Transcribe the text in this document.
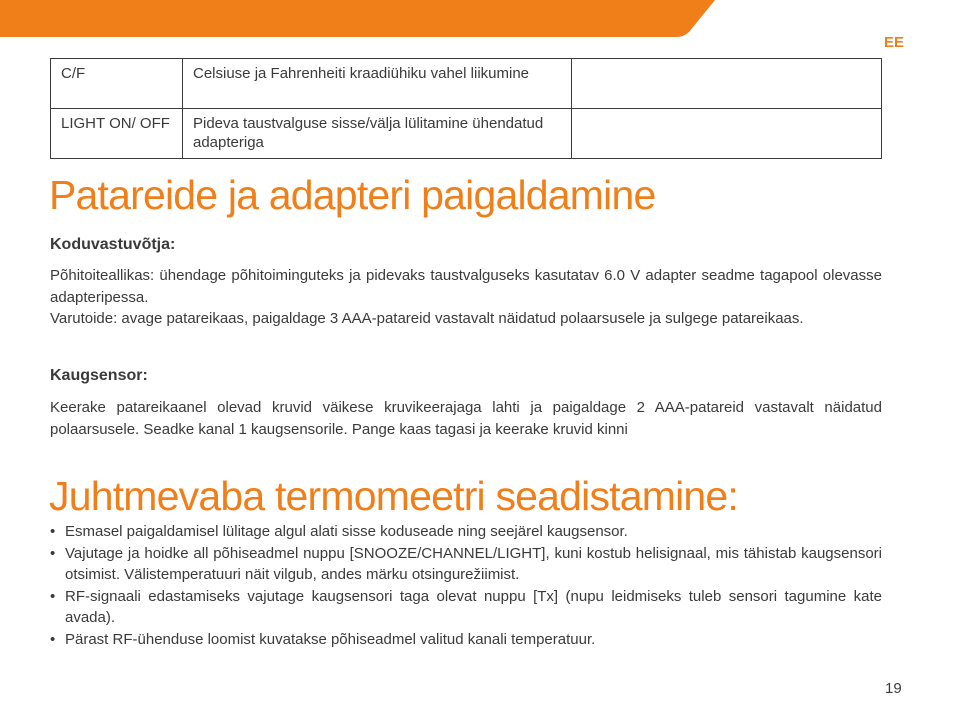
EE
C/F	Celsiuse ja Fahrenheiti kraadiühiku vahel liikumine	
LIGHT ON/ OFF	Pideva taustvalguse sisse/välja lülitamine ühendatud adapteriga	
Patareide ja adapteri paigaldamine
Koduvastuvõtja:

Põhitoiteallikas: ühendage põhitoiminguteks ja pidevaks taustvalguseks kasutatav 6.0 V adapter seadme tagapool olevasse adapteripessa.

Varutoide: avage patareikaas, paigaldage 3 AAA-patareid vastavalt näidatud polaarsusele ja sulgege patareikaas.

Kaugsensor:

Keerake patareikaanel olevad kruvid väikese kruvikeerajaga lahti ja paigaldage 2 AAA-patareid vastavalt näidatud polaarsusele. Seadke kanal 1 kaugsensorile. Pange kaas tagasi ja keerake kruvid kinni

Juhtmevaba termomeetri seadistamine:
• Esmasel paigaldamisel lülitage algul alati sisse koduseade ning seejärel kaugsensor.
• Vajutage ja hoidke all põhiseadmel nuppu [SNOOZE/CHANNEL/LIGHT], kuni kostub helisignaal, mis tähistab kaugsensori otsimist. Välistemperatuuri näit vilgub, andes märku otsingurežiimist.
• RF-signaali edastamiseks vajutage kaugsensori taga olevat nuppu [Tx] (nupu leidmiseks tuleb sensori tagumine kate avada).
• Pärast RF-ühenduse loomist kuvatakse põhiseadmel valitud kanali temperatuur.
19
